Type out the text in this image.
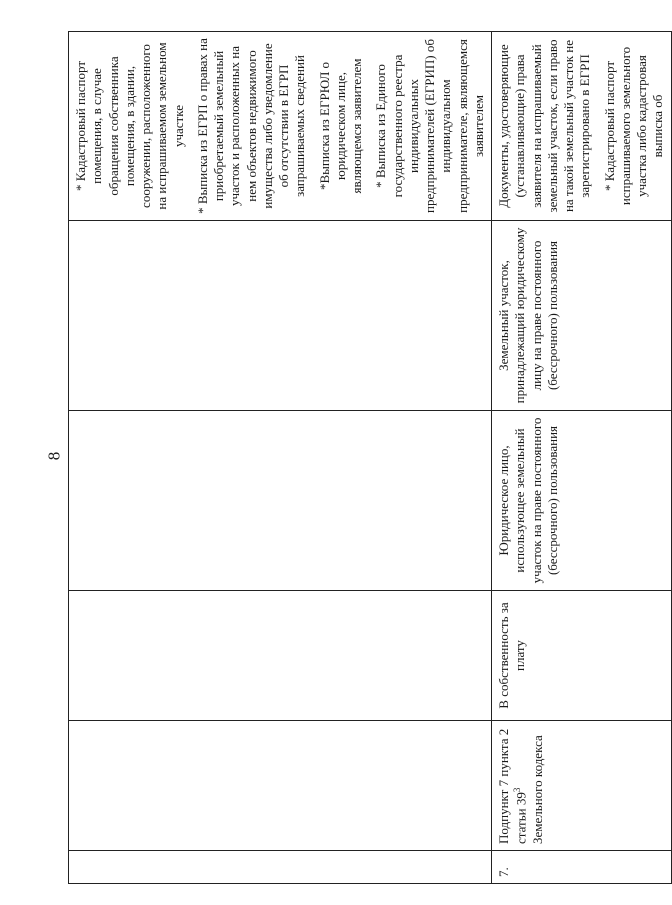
8

					* Кадастровый паспорт помещения, в случае обращения собственника помещения, в здании, сооружении, расположенного на испрашиваемом земельном участке * Выписка из ЕГРП о правах на приобретаемый земельный участок и расположенных на нем объектов недвижимого имущества либо уведомление об отсутствии в ЕГРП запрашиваемых сведений *Выписка из ЕГРЮЛ о юридическом лице, являющемся заявителем * Выписка из Единого государственного реестра индивидуальных предпринимателей (ЕГРИП) об индивидуальном предпринимателе, являющемся заявителем

7.	Подпункт 7 пункта 2 статьи $39^3$ Земельного кодекса	В собственность за плату	Юридическое лицо, использующее земельный участок на праве постоянного (бессрочного) пользования	Земельный участок, принадлежащий юридическому лицу на праве постоянного (бессрочного) пользования	Документы, удостоверяющие (устанавливающие) права заявителя на испрашиваемый земельный участок, если право на такой земельный участок не зарегистрировано в ЕГРП * Кадастровый паспорт испрашиваемого земельного участка либо кадастровая выписка об
